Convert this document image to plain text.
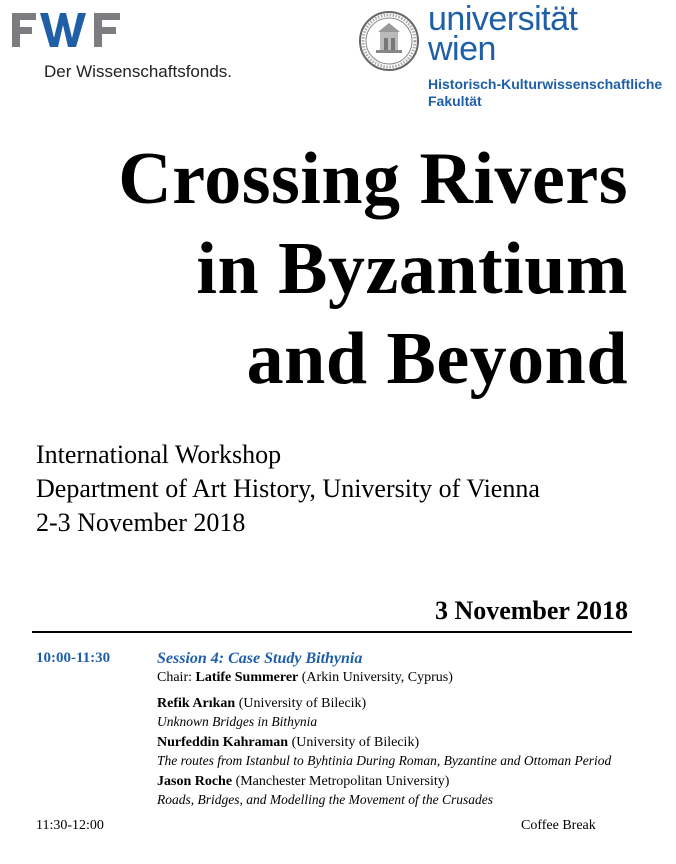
Der Wissenschaftsfonds.
universität
wien
Historisch-Kulturwissenschaftliche
Fakultät
Crossing Rivers
in Byzantium
and Beyond
International Workshop
Department of Art History, University of Vienna
2-3 November 2018
3 November 2018
10:00-11:30	Session 4: Case Study Bithynia
Chair: Latife Summerer (Arkin University, Cyprus)
Refik Arıkan (University of Bilecik)
Unknown Bridges in Bithynia
Nurfeddin Kahraman (University of Bilecik)
The routes from Istanbul to Byhtinia During Roman, Byzantine and Ottoman Period
Jason Roche (Manchester Metropolitan University)
Roads, Bridges, and Modelling the Movement of the Crusades
11:30-12:00	Coffee Break
